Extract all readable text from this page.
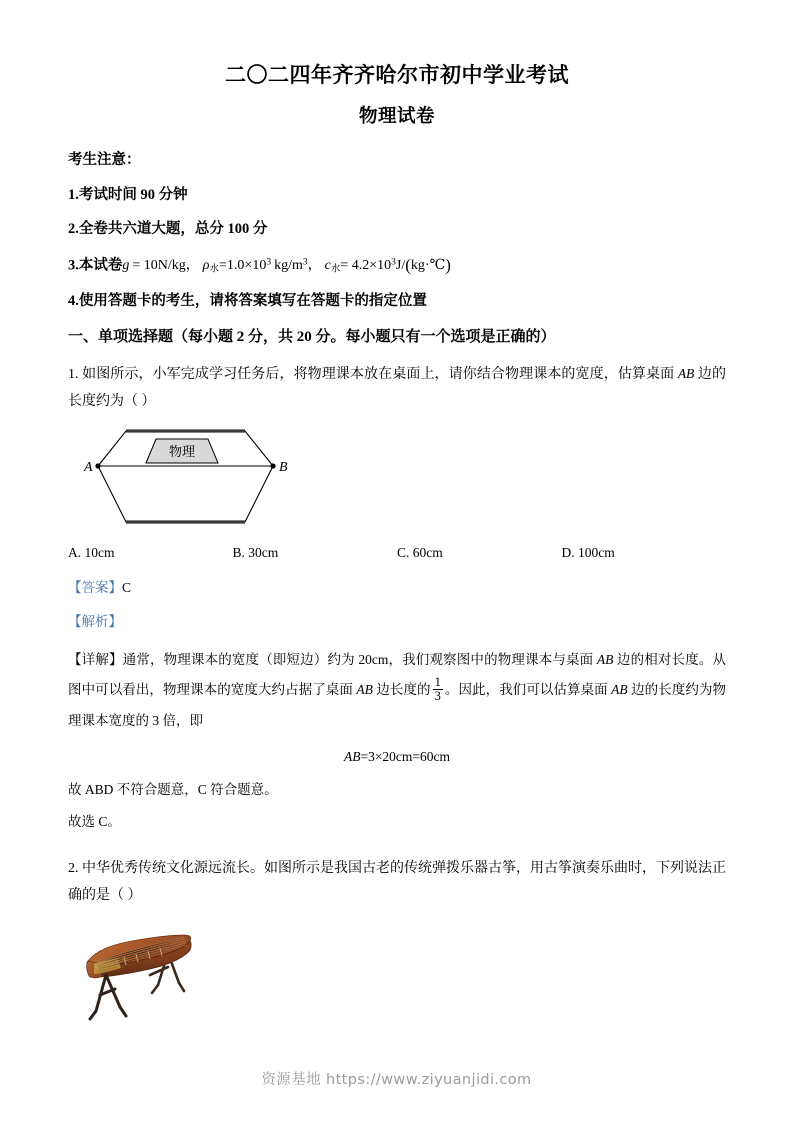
二〇二四年齐齐哈尔市初中学业考试
物理试卷
考生注意：
1.考试时间 90 分钟
2.全卷共六道大题，总分 100 分
3.本试卷g = 10N/kg， $\rho_水=1.0\times 10^3$ $kg/m^3$， $c_水=$ $4.2\times 10^3J/(kg\cdot℃)$
4.使用答题卡的考生，请将答案填写在答题卡的指定位置
一、单项选择题（每小题 2 分，共 20 分。每小题只有一个选项是正确的）
1. 如图所示，小军完成学习任务后，将物理课本放在桌面上，请你结合物理课本的宽度，估算桌面 AB 边的长度约为（ ）
物理
A	B
A. 10cm	B. 30cm	C. 60cm	D. 100cm
【答案】C
【解析】
【详解】通常，物理课本的宽度（即短边）约为 20cm，我们观察图中的物理课本与桌面 AB 边的相对长度。从图中可以看出，物理课本的宽度大约占据了桌面 AB 边长度的 $\frac{1}{3}$ 。因此，我们可以估算桌面 AB 边的长度约为物理课本宽度的 3 倍，即
AB=3×20cm=60cm
故 ABD 不符合题意，C 符合题意。
故选 C。
2. 中华优秀传统文化源远流长。如图所示是我国古老的传统弹拨乐器古筝，用古筝演奏乐曲时，下列说法正确的是（ ）
资源基地 https://www.ziyuanjidi.com
